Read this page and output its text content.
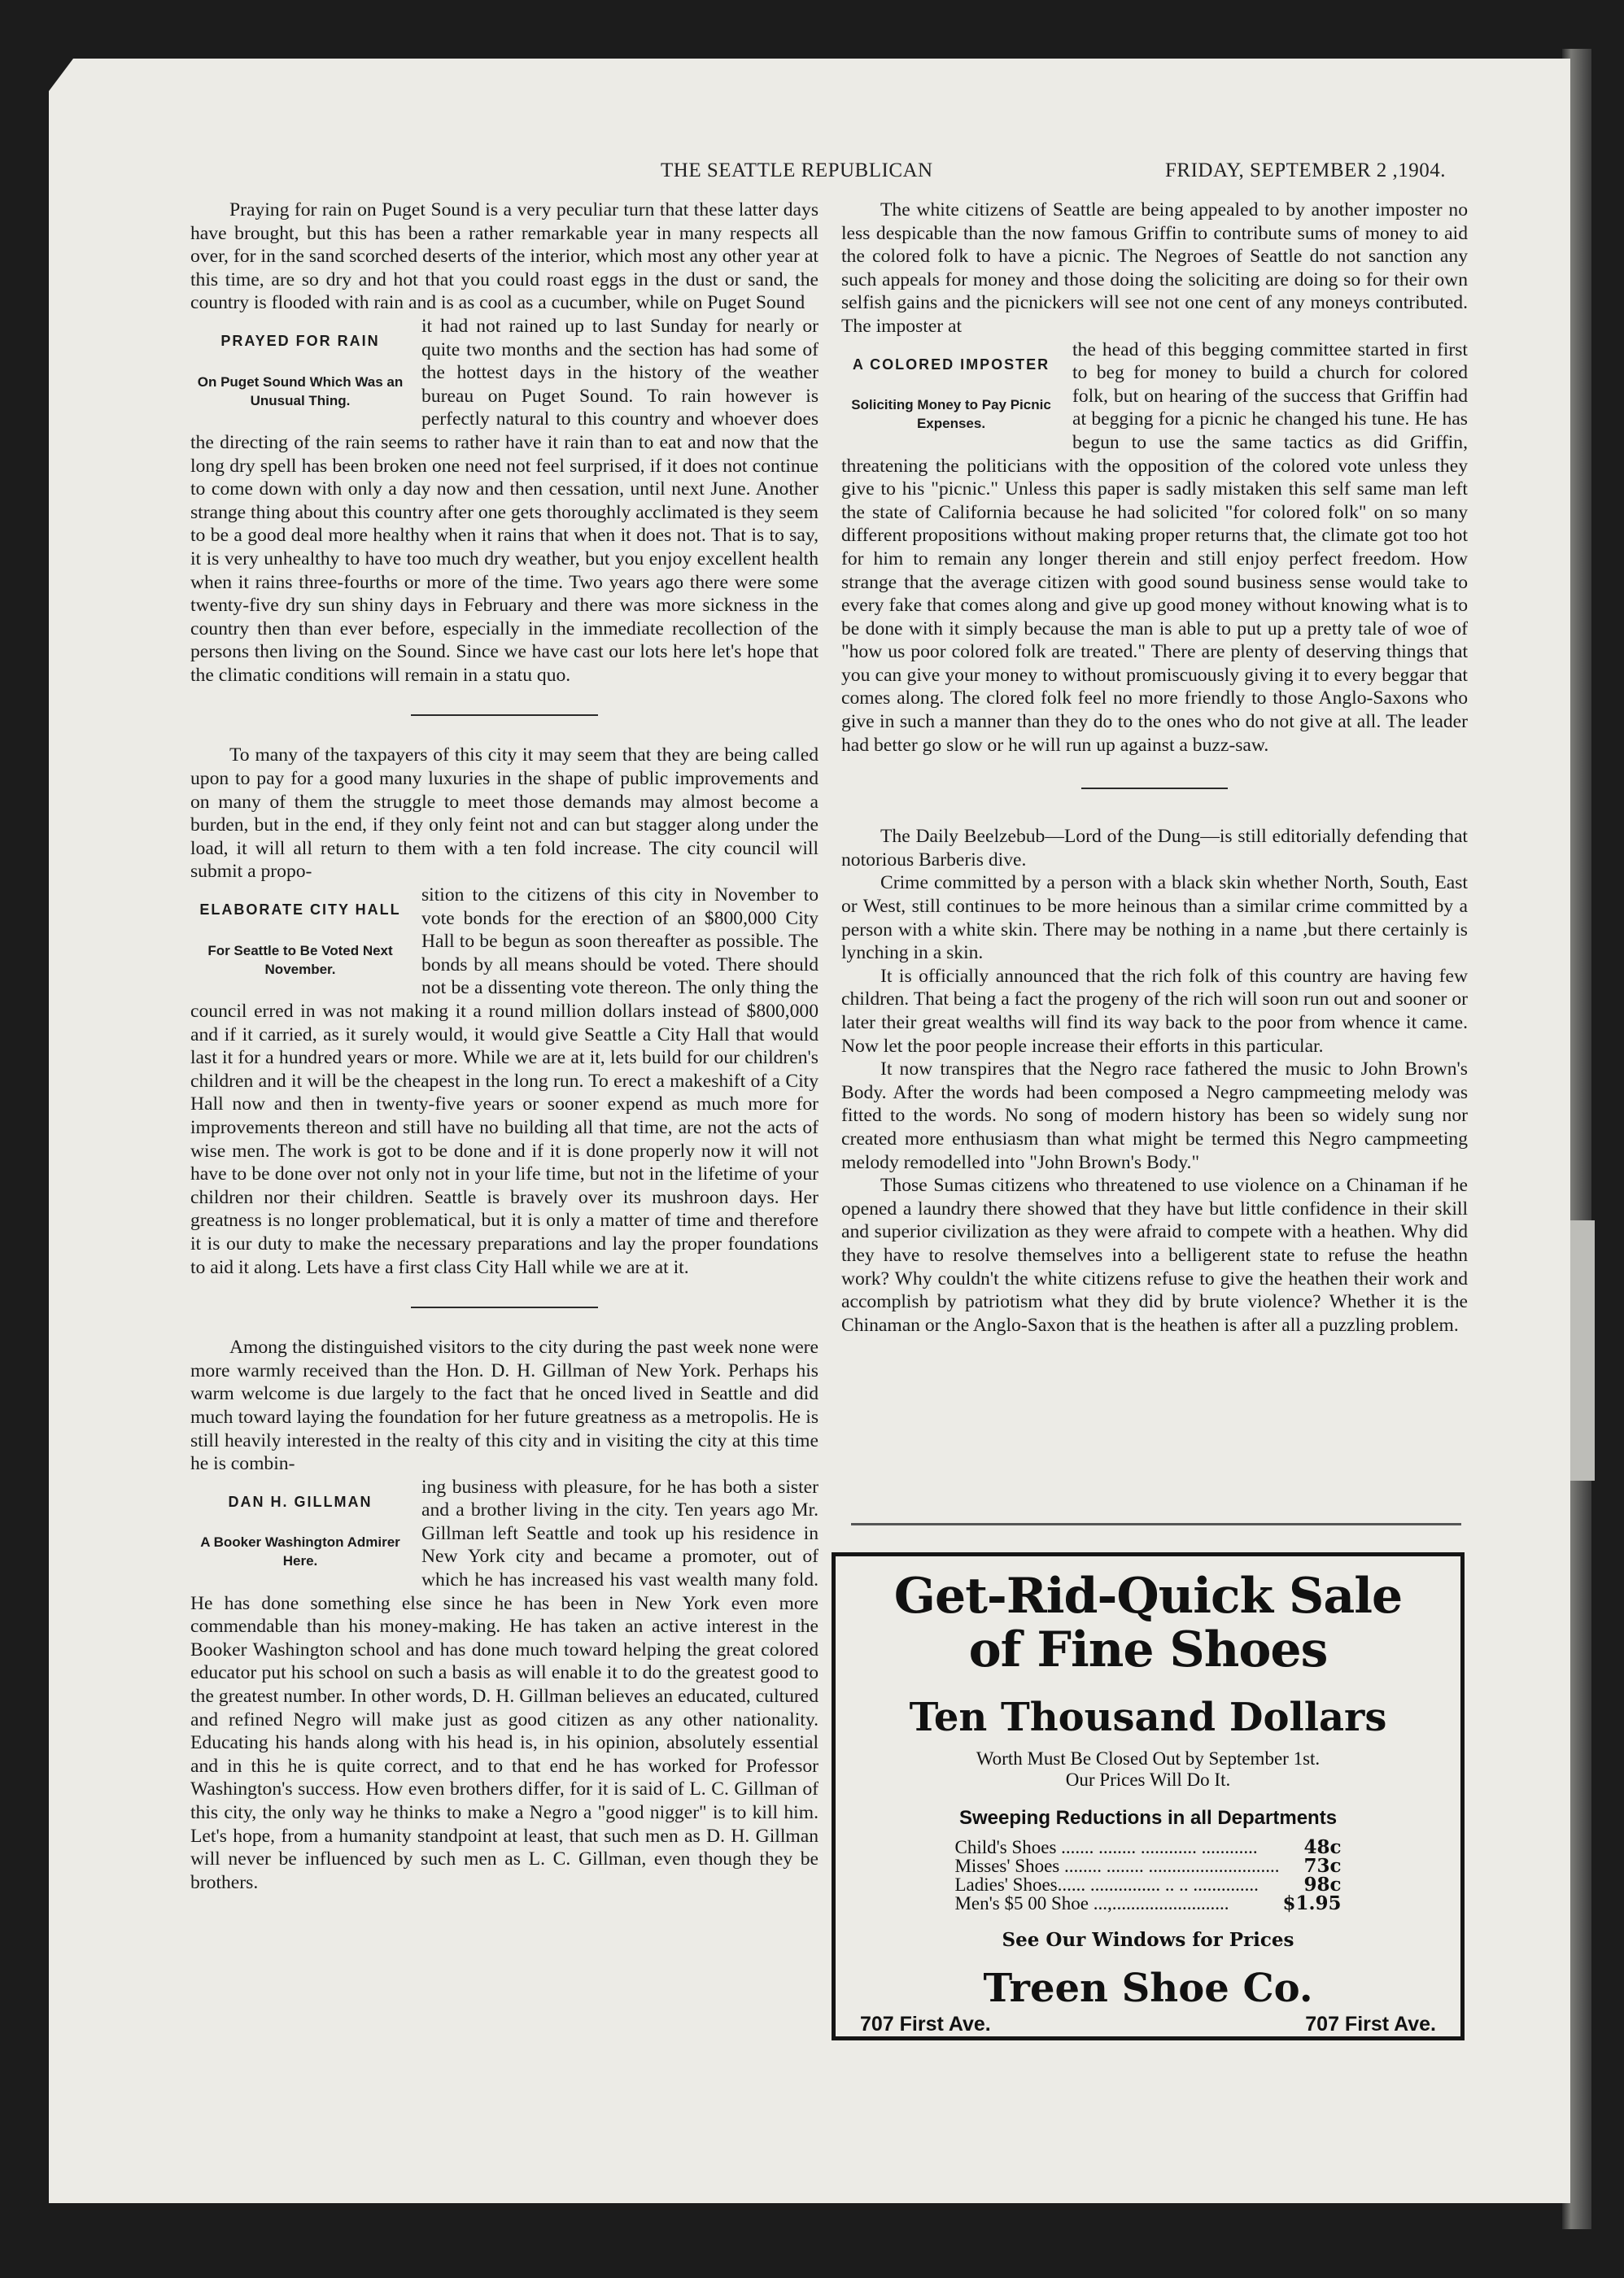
THE SEATTLE REPUBLICAN	FRIDAY, SEPTEMBER 2 ,1904.

Praying for rain on Puget Sound is a very peculiar turn that these latter days have brought, but this has been a rather remarkable year in many respects all over, for in the sand scorched deserts of the interior, which most any other year at this time, are so dry and hot that you could roast eggs in the dust or sand, the country is flooded with rain and is as cool as a cucumber, while on Puget Sound

PRAYED FOR RAIN
On Puget Sound Which Was an Unusual Thing.

it had not rained up to last Sunday for nearly or quite two months and the section has had some of the hottest days in the history of the weather bureau on Puget Sound. To rain however is perfectly natural to this country and whoever does the directing of the rain seems to rather have it rain than to eat and now that the long dry spell has been broken one need not feel surprised, if it does not continue to come down with only a day now and then cessation, until next June. Another strange thing about this country after one gets thoroughly acclimated is they seem to be a good deal more healthy when it rains that when it does not. That is to say, it is very unhealthy to have too much dry weather, but you enjoy excellent health when it rains three-fourths or more of the time. Two years ago there were some twenty-five dry sun shiny days in February and there was more sickness in the country then than ever before, especially in the immediate recollection of the persons then living on the Sound. Since we have cast our lots here let's hope that the climatic conditions will remain in a statu quo.

To many of the taxpayers of this city it may seem that they are being called upon to pay for a good many luxuries in the shape of public improvements and on many of them the struggle to meet those demands may almost become a burden, but in the end, if they only feint not and can but stagger along under the load, it will all return to them with a ten fold increase. The city council will submit a propo-

ELABORATE CITY HALL
For Seattle to Be Voted Next November.

sition to the citizens of this city in November to vote bonds for the erection of an $800,000 City Hall to be begun as soon thereafter as possible. The bonds by all means should be voted. There should not be a dissenting vote thereon. The only thing the council erred in was not making it a round million dollars instead of $800,000 and if it carried, as it surely would, it would give Seattle a City Hall that would last it for a hundred years or more. While we are at it, lets build for our children's children and it will be the cheapest in the long run. To erect a makeshift of a City Hall now and then in twenty-five years or sooner expend as much more for improvements thereon and still have no building all that time, are not the acts of wise men. The work is got to be done and if it is done properly now it will not have to be done over not only not in your life time, but not in the lifetime of your children nor their children. Seattle is bravely over its mushroon days. Her greatness is no longer problematical, but it is only a matter of time and therefore it is our duty to make the necessary preparations and lay the proper foundations to aid it along. Lets have a first class City Hall while we are at it.

Among the distinguished visitors to the city during the past week none were more warmly received than the Hon. D. H. Gillman of New York. Perhaps his warm welcome is due largely to the fact that he onced lived in Seattle and did much toward laying the foundation for her future greatness as a metropolis. He is still heavily interested in the realty of this city and in visiting the city at this time he is combin-

DAN H. GILLMAN
A Booker Washington Admirer Here.

ing business with pleasure, for he has both a sister and a brother living in the city. Ten years ago Mr. Gillman left Seattle and took up his residence in New York city and became a promoter, out of which he has increased his vast wealth many fold. He has done something else since he has been in New York even more commendable than his money-making. He has taken an active interest in the Booker Washington school and has done much toward helping the great colored educator put his school on such a basis as will enable it to do the greatest good to the greatest number. In other words, D. H. Gillman believes an educated, cultured and refined Negro will make just as good citizen as any other nationality. Educating his hands along with his head is, in his opinion, absolutely essential and in this he is quite correct, and to that end he has worked for Professor Washington's success. How even brothers differ, for it is said of L. C. Gillman of this city, the only way he thinks to make a Negro a "good nigger" is to kill him. Let's hope, from a humanity standpoint at least, that such men as D. H. Gillman will never be influenced by such men as L. C. Gillman, even though they be brothers.

The white citizens of Seattle are being appealed to by another imposter no less despicable than the now famous Griffin to contribute sums of money to aid the colored folk to have a picnic. The Negroes of Seattle do not sanction any such appeals for money and those doing the soliciting are doing so for their own selfish gains and the picnickers will see not one cent of any moneys contributed. The imposter at

A COLORED IMPOSTER
Soliciting Money to Pay Picnic Expenses.

the head of this begging committee started in first to beg for money to build a church for colored folk, but on hearing of the success that Griffin had at begging for a picnic he changed his tune. He has begun to use the same tactics as did Griffin, threatening the politicians with the opposition of the colored vote unless they give to his "picnic." Unless this paper is sadly mistaken this self same man left the state of California because he had solicited "for colored folk" on so many different propositions without making proper returns that, the climate got too hot for him to remain any longer therein and still enjoy perfect freedom. How strange that the average citizen with good sound business sense would take to every fake that comes along and give up good money without knowing what is to be done with it simply because the man is able to put up a pretty tale of woe of "how us poor colored folk are treated." There are plenty of deserving things that you can give your money to without promiscuously giving it to every beggar that comes along. The clored folk feel no more friendly to those Anglo-Saxons who give in such a manner than they do to the ones who do not give at all. The leader had better go slow or he will run up against a buzz-saw.

The Daily Beelzebub—Lord of the Dung—is still editorially defending that notorious Barberis dive.

Crime committed by a person with a black skin whether North, South, East or West, still continues to be more heinous than a similar crime committed by a person with a white skin. There may be nothing in a name ,but there certainly is lynching in a skin.

It is officially announced that the rich folk of this country are having few children. That being a fact the progeny of the rich will soon run out and sooner or later their great wealths will find its way back to the poor from whence it came. Now let the poor people increase their efforts in this particular.

It now transpires that the Negro race fathered the music to John Brown's Body. After the words had been composed a Negro campmeeting melody was fitted to the words. No song of modern history has been so widely sung nor created more enthusiasm than what might be termed this Negro campmeeting melody remodelled into "John Brown's Body."

Those Sumas citizens who threatened to use violence on a Chinaman if he opened a laundry there showed that they have but little confidence in their skill and superior civilization as they were afraid to compete with a heathen. Why did they have to resolve themselves into a belligerent state to refuse the heathn work? Why couldn't the white citizens refuse to give the heathen their work and accomplish by patriotism what they did by brute violence? Whether it is the Chinaman or the Anglo-Saxon that is the heathen is after all a puzzling problem.

Get-Rid-Quick Sale
of Fine Shoes
Ten Thousand Dollars
Worth Must Be Closed Out by September 1st.
Our Prices Will Do It.
Sweeping Reductions in all Departments
Child's Shoes ....... ........ ............ ............	48c
Misses' Shoes ........ ........ ............................	73c
Ladies' Shoes...... ............... .. .. ..............	98c
Men's $5 00 Shoe ...,.........................	$1.95
See Our Windows for Prices
Treen Shoe Co.
707 First Ave.	707 First Ave.
